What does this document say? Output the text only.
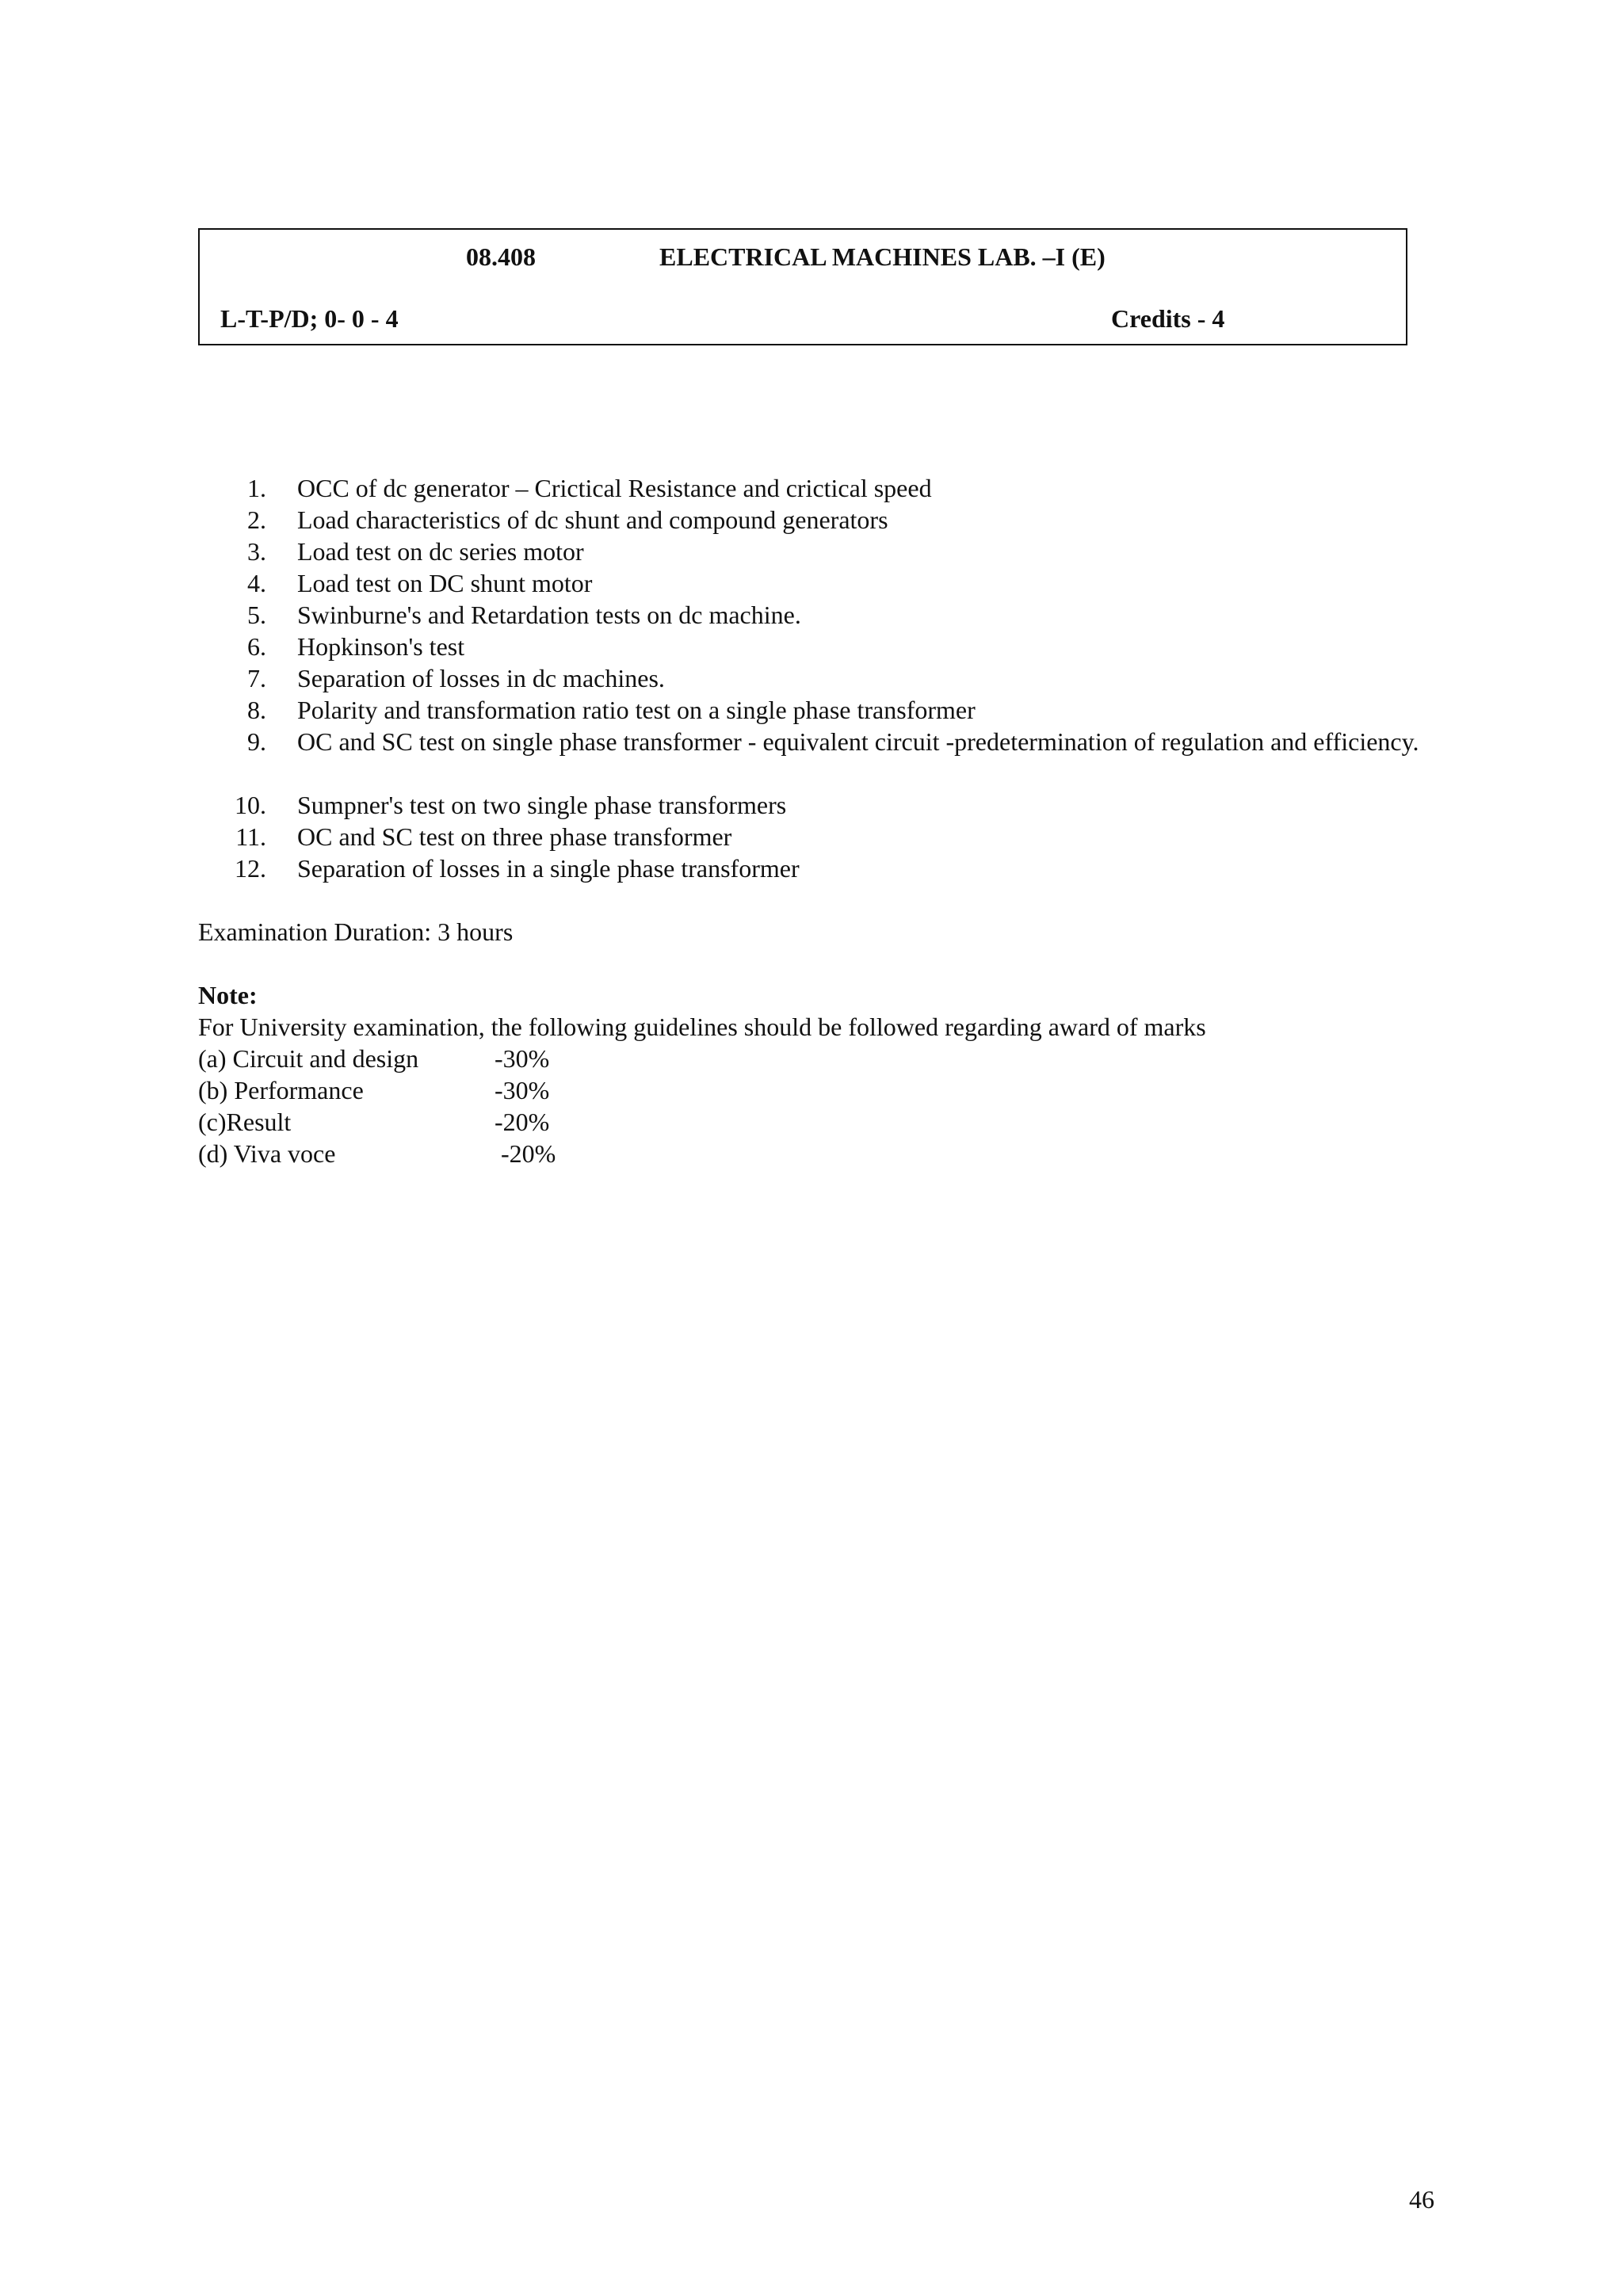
08.408	ELECTRICAL MACHINES LAB. –I (E)
L-T-P/D; 0- 0 - 4	Credits - 4
1. OCC of dc generator – Crictical Resistance and crictical speed
2. Load characteristics of dc shunt and compound generators
3. Load test on dc series motor
4. Load test on DC shunt motor
5. Swinburne's and Retardation tests on dc machine.
6. Hopkinson's test
7. Separation of losses in dc machines.
8. Polarity and transformation ratio test on a single phase transformer
9. OC and SC test on single phase transformer - equivalent circuit -predetermination of regulation and efficiency.
10. Sumpner's test on two single phase transformers
11. OC and SC test on three phase transformer
12. Separation of losses in a single phase transformer
Examination Duration: 3 hours
Note:
For University examination, the following guidelines should be followed regarding award of marks
(a) Circuit and design	-30%
(b) Performance	-30%
(c)Result	-20%
(d) Viva voce	-20%
46
